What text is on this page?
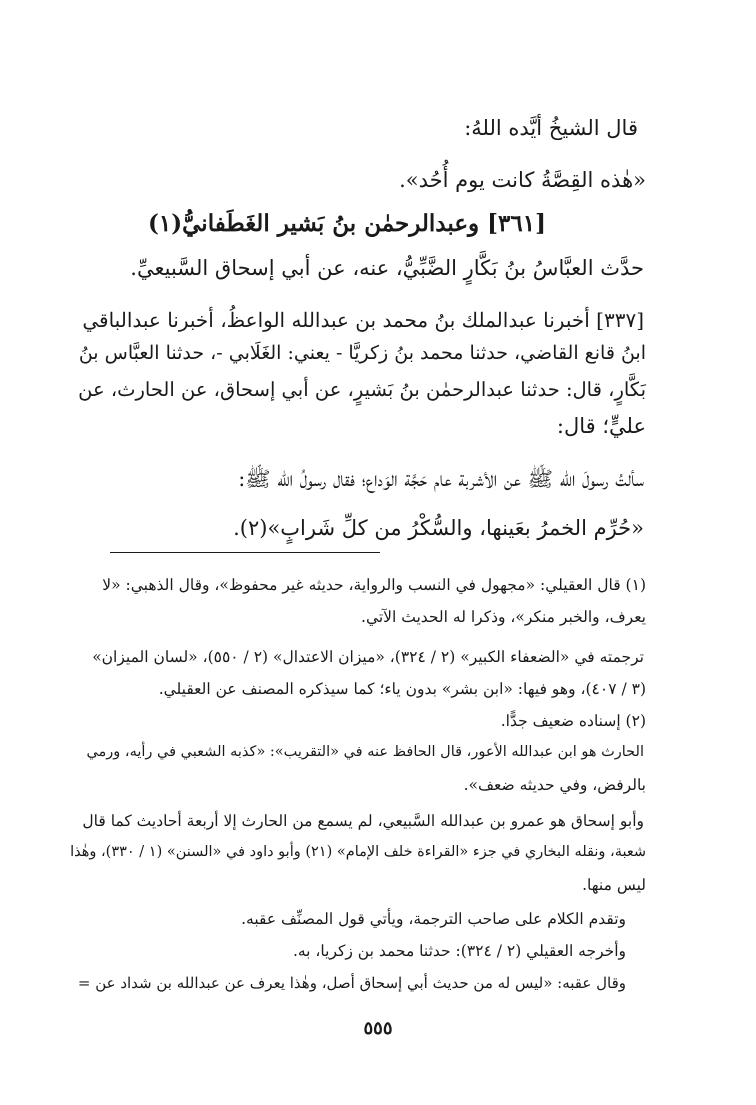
قال الشيخُ أيَّده اللهُ:

«هٰذه القِصَّةُ كانت يوم أُحُد».

[٣٦١] وعبدالرحمٰن بنُ بَشير الغَطَفانيُّ(١)

حدَّث العبَّاسُ بنُ بَكَّارٍ الضَّبِّيُّ، عنه، عن أبي إسحاق السَّبيعيِّ.

[٣٣٧] أخبرنا عبدالملك بنُ محمد بن عبدالله الواعظُ، أخبرنا عبدالباقي

ابنُ قانع القاضي، حدثنا محمد بنُ زكريَّا - يعني: الغَلَابي -، حدثنا العبَّاس بنُ

بَكَّارٍ، قال: حدثنا عبدالرحمٰن بنُ بَشيرٍ، عن أبي إسحاق، عن الحارث، عن

عليٍّ؛ قال:

سألتُ رسولَ الله ﷺ عن الأشربة عام حَجَّة الوَداع؛ فقال رسولُ الله ﷺ:

«حُرِّم الخمرُ بعَينها، والسُّكْرُ من كلِّ شَرابٍ»(٢).

(١) قال العقيلي: «مجهول في النسب والرواية، حديثه غير محفوظ»، وقال الذهبي: «لا

يعرف، والخبر منكر»، وذكرا له الحديث الآتي.

ترجمته في «الضعفاء الكبير» (٢ / ٣٢٤)، «ميزان الاعتدال» (٢ / ٥٥٠)، «لسان الميزان»

(٣ / ٤٠٧)، وهو فيها: «ابن بشر» بدون ياء؛ كما سيذكره المصنف عن العقيلي.

(٢) إسناده ضعيف جدًّا.

الحارث هو ابن عبدالله الأعور، قال الحافظ عنه في «التقريب»: «كذبه الشعبي في رأيه، ورمي

بالرفض، وفي حديثه ضعف».

وأبو إسحاق هو عمرو بن عبدالله السَّبيعي، لم يسمع من الحارث إلا أربعة أحاديث كما قال

شعبة، ونقله البخاري في جزء «القراءة خلف الإمام» (٢١) وأبو داود في «السنن» (١ / ٣٣٠)، وهٰذا

ليس منها.

وتقدم الكلام على صاحب الترجمة، ويأتي قول المصنِّف عقبه.

وأخرجه العقيلي (٢ / ٣٢٤): حدثنا محمد بن زكريا، به.

وقال عقبه: «ليس له من حديث أبي إسحاق أصل، وهٰذا يعرف عن عبدالله بن شداد عن =

٥٥٥
